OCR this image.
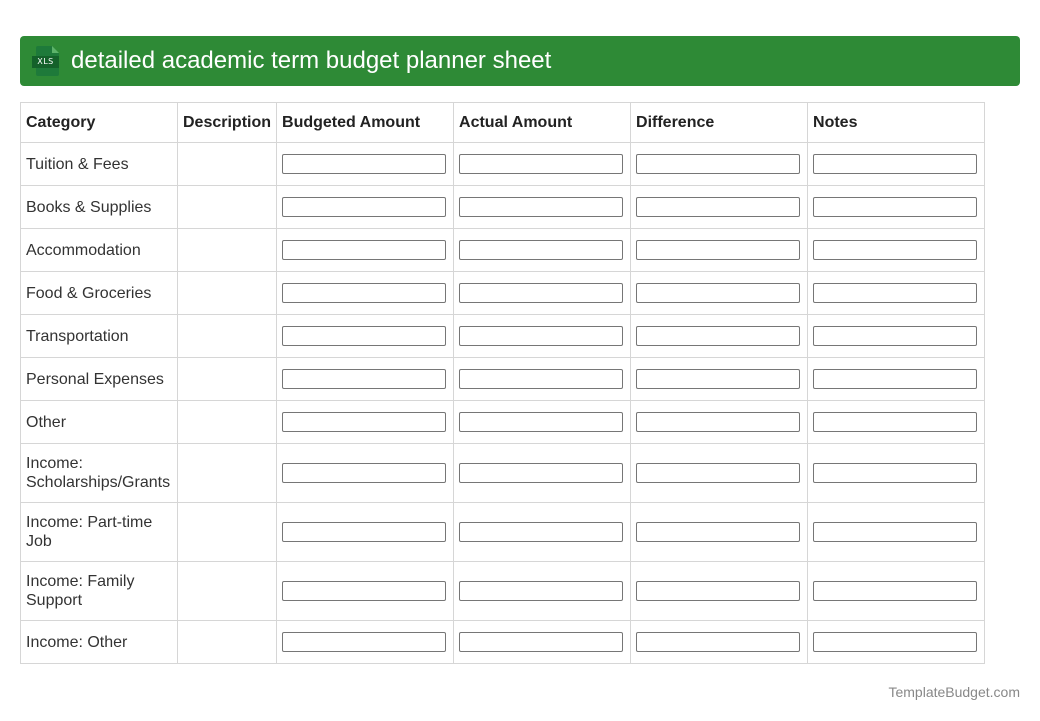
XLS detailed academic term budget planner sheet
Category	Description	Budgeted Amount	Actual Amount	Difference	Notes
Tuition & Fees		

Books & Supplies		

Accommodation		

Food & Groceries		

Transportation		

Personal Expenses		

Other		

Income: Scholarships/Grants		

Income: Part-time Job		

Income: Family Support		

Income: Other		

TemplateBudget.com
